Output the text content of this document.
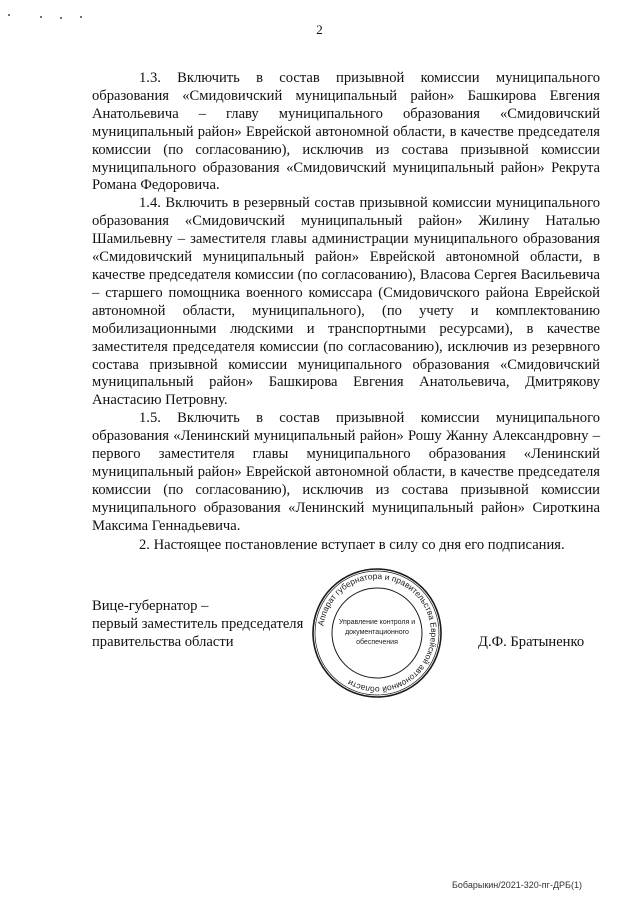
2

1.3. Включить в состав призывной комиссии муниципального образования «Смидовичский муниципальный район» Башкирова Евгения Анатольевича – главу муниципального образования «Смидовичский муниципальный район» Еврейской автономной области, в качестве председателя комиссии (по согласованию), исключив из состава призывной комиссии муниципального образования «Смидовичский муниципальный район» Рекрута Романа Федоровича.

1.4. Включить в резервный состав призывной комиссии муниципального образования «Смидовичский муниципальный район» Жилину Наталью Шамильевну – заместителя главы администрации муниципального образования «Смидовичский муниципальный район» Еврейской автономной области, в качестве председателя комиссии (по согласованию), Власова Сергея Васильевича – старшего помощника военного комиссара (Смидовичского района Еврейской автономной области, муниципального), (по учету и комплектованию мобилизационными людскими и транспортными ресурсами), в качестве заместителя председателя комиссии (по согласованию), исключив из резервного состава призывной комиссии муниципального образования «Смидовичский муниципальный район» Башкирова Евгения Анатольевича, Дмитрякову Анастасию Петровну.

1.5. Включить в состав призывной комиссии муниципального образования «Ленинский муниципальный район» Рошу Жанну Александровну – первого заместителя главы муниципального образования «Ленинский муниципальный район» Еврейской автономной области, в качестве председателя комиссии (по согласованию), исключив из состава призывной комиссии муниципального образования «Ленинский муниципальный район» Сироткина Максима Геннадьевича.

2. Настоящее постановление вступает в силу со дня его подписания.

Вице-губернатор –
первый заместитель председателя
правительства области
Аппарат губернатора и правительства Еврейской автономной области
Управление контроля и
документационного
обеспечения	Д.Ф. Братыненко
Бобарыкин/2021-320-пг-ДРБ(1)
